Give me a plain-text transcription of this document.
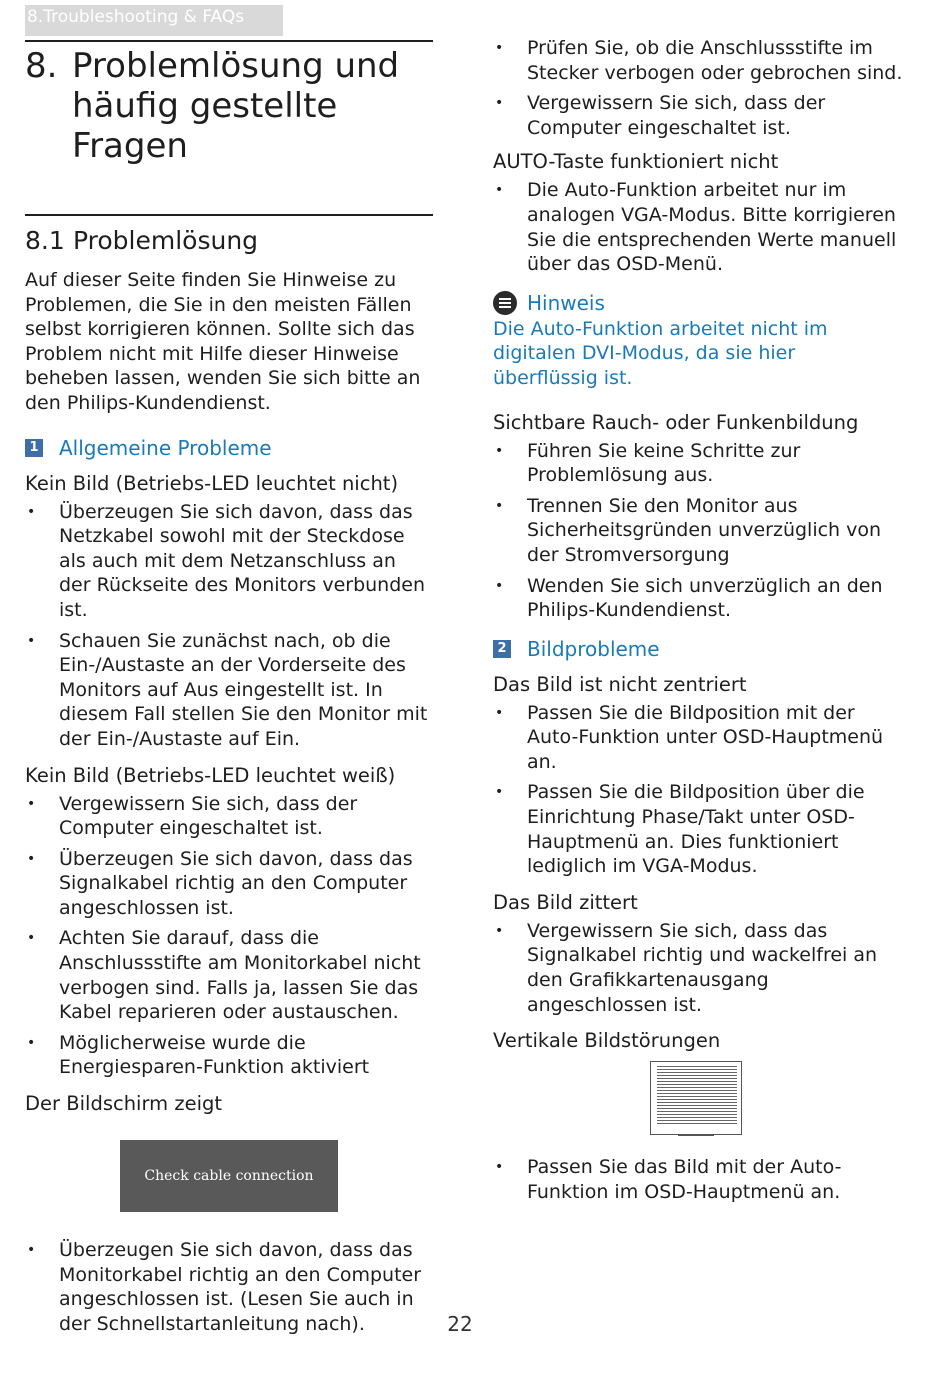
8.Troubleshooting & FAQs
8. Problemlösung und häufig gestellte Fragen
8.1 Problemlösung

Auf dieser Seite finden Sie Hinweise zu Problemen, die Sie in den meisten Fällen selbst korrigieren können. Sollte sich das Problem nicht mit Hilfe dieser Hinweise beheben lassen, wenden Sie sich bitte an den Philips-Kundendienst.

1 Allgemeine Probleme
Kein Bild (Betriebs-LED leuchtet nicht)
• Überzeugen Sie sich davon, dass das Netzkabel sowohl mit der Steckdose als auch mit dem Netzanschluss an der Rückseite des Monitors verbunden ist.
• Schauen Sie zunächst nach, ob die Ein-/Austaste an der Vorderseite des Monitors auf Aus eingestellt ist. In diesem Fall stellen Sie den Monitor mit der Ein-/Austaste auf Ein.
Kein Bild (Betriebs-LED leuchtet weiß)
• Vergewissern Sie sich, dass der Computer eingeschaltet ist.
• Überzeugen Sie sich davon, dass das Signalkabel richtig an den Computer angeschlossen ist.
• Achten Sie darauf, dass die Anschlussstifte am Monitorkabel nicht verbogen sind. Falls ja, lassen Sie das Kabel reparieren oder austauschen.
• Möglicherweise wurde die Energiesparen-Funktion aktiviert
Der Bildschirm zeigt
Check cable connection
• Überzeugen Sie sich davon, dass das Monitorkabel richtig an den Computer angeschlossen ist. (Lesen Sie auch in der Schnellstartanleitung nach).
• Prüfen Sie, ob die Anschlussstifte im Stecker verbogen oder gebrochen sind.
• Vergewissern Sie sich, dass der Computer eingeschaltet ist.
AUTO-Taste funktioniert nicht
• Die Auto-Funktion arbeitet nur im analogen VGA-Modus. Bitte korrigieren Sie die entsprechenden Werte manuell über das OSD-Menü.
Hinweis
Die Auto-Funktion arbeitet nicht im digitalen DVI-Modus, da sie hier überflüssig ist.
Sichtbare Rauch- oder Funkenbildung
• Führen Sie keine Schritte zur Problemlösung aus.
• Trennen Sie den Monitor aus Sicherheitsgründen unverzüglich von der Stromversorgung
• Wenden Sie sich unverzüglich an den Philips-Kundendienst.
2 Bildprobleme
Das Bild ist nicht zentriert
• Passen Sie die Bildposition mit der Auto-Funktion unter OSD-Hauptmenü an.
• Passen Sie die Bildposition über die Einrichtung Phase/Takt unter OSD-Hauptmenü an. Dies funktioniert lediglich im VGA-Modus.
Das Bild zittert
• Vergewissern Sie sich, dass das Signalkabel richtig und wackelfrei an den Grafikkartenausgang angeschlossen ist.
Vertikale Bildstörungen
• Passen Sie das Bild mit der Auto-Funktion im OSD-Hauptmenü an.
22
